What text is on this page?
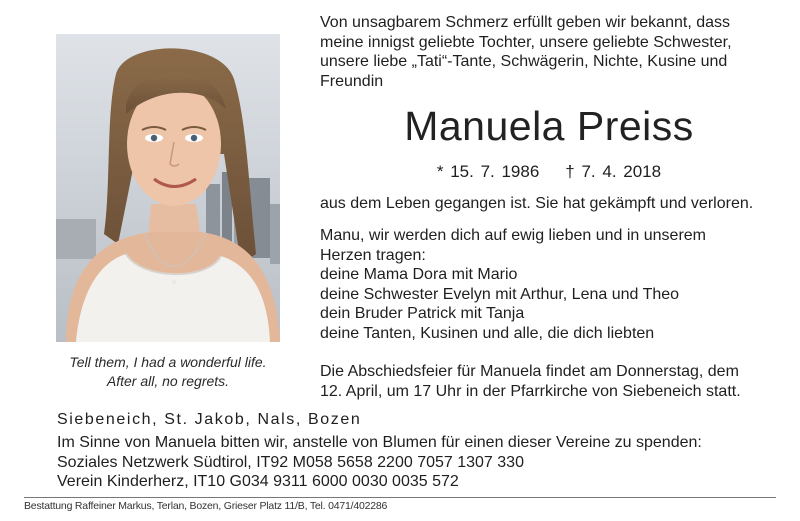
Tell them, I had a wonderful life.
After all, no regrets.
Von unsagbarem Schmerz erfüllt geben wir bekannt, dass
meine innigst geliebte Tochter, unsere geliebte Schwester,
unsere liebe „Tati“-Tante, Schwägerin, Nichte, Kusine und
Freundin
Manuela Preiss
* 15. 7. 1986 † 7. 4. 2018
aus dem Leben gegangen ist. Sie hat gekämpft und verloren.
Manu, wir werden dich auf ewig lieben und in unserem
Herzen tragen:
deine Mama Dora mit Mario
deine Schwester Evelyn mit Arthur, Lena und Theo
dein Bruder Patrick mit Tanja
deine Tanten, Kusinen und alle, die dich liebten
Die Abschiedsfeier für Manuela findet am Donnerstag, dem
12. April, um 17 Uhr in der Pfarrkirche von Siebeneich statt.
Siebeneich, St. Jakob, Nals, Bozen
Im Sinne von Manuela bitten wir, anstelle von Blumen für einen dieser Vereine zu spenden:
Soziales Netzwerk Südtirol, IT92 M058 5658 2200 7057 1307 330
Verein Kinderherz, IT10 G034 9311 6000 0030 0035 572
Bestattung Raffeiner Markus, Terlan, Bozen, Grieser Platz 11/B, Tel. 0471/402286
